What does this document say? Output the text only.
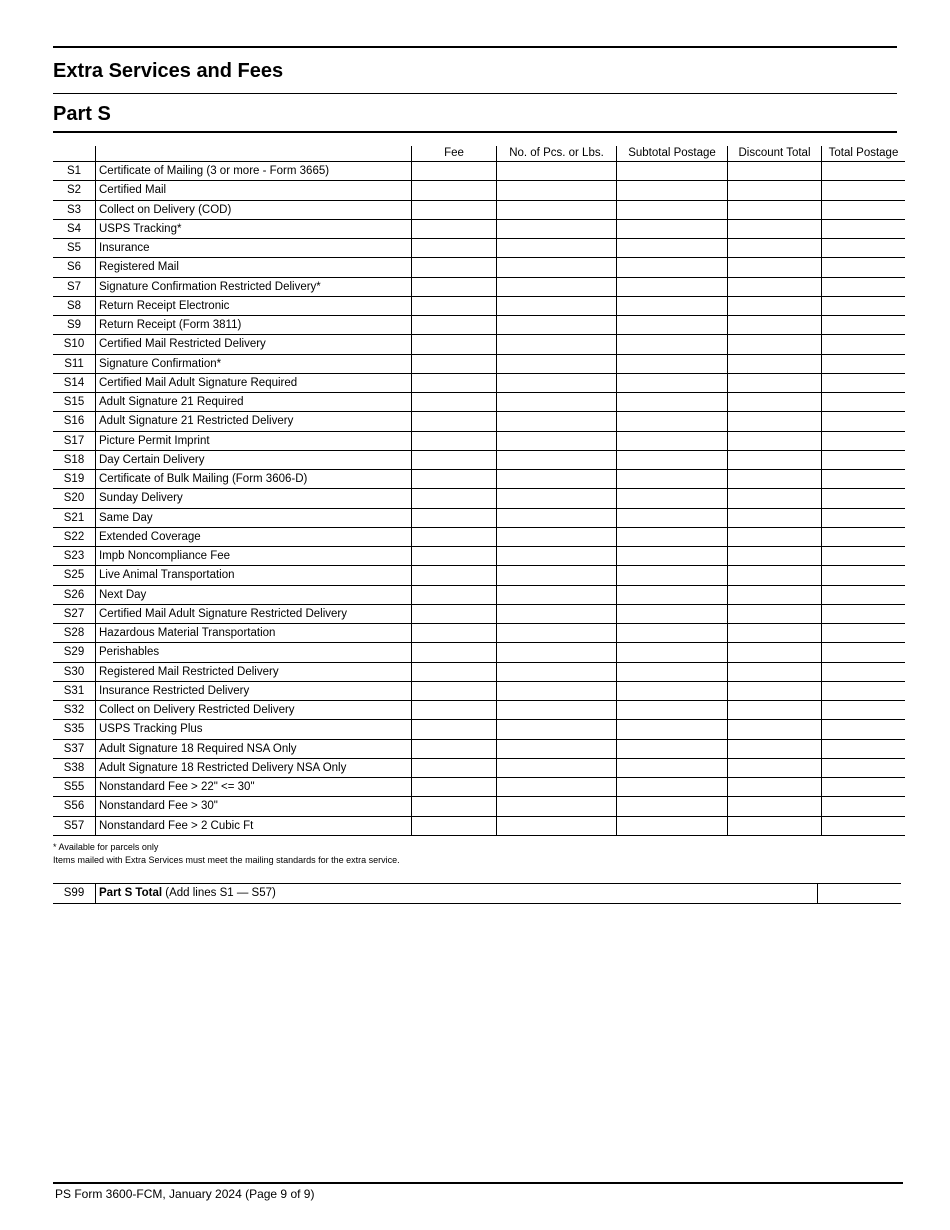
Extra Services and Fees
Part S
		Fee	No. of Pcs. or Lbs.	Subtotal Postage	Discount Total	Total Postage
S1	Certificate of Mailing (3 or more - Form 3665)					
S2	Certified Mail					
S3	Collect on Delivery (COD)					
S4	USPS Tracking*					
S5	Insurance					
S6	Registered Mail					
S7	Signature Confirmation Restricted Delivery*					
S8	Return Receipt Electronic					
S9	Return Receipt (Form 3811)					
S10	Certified Mail Restricted Delivery					
S11	Signature Confirmation*					
S14	Certified Mail Adult Signature Required					
S15	Adult Signature 21 Required					
S16	Adult Signature 21 Restricted Delivery					
S17	Picture Permit Imprint					
S18	Day Certain Delivery					
S19	Certificate of Bulk Mailing (Form 3606-D)					
S20	Sunday Delivery					
S21	Same Day					
S22	Extended Coverage					
S23	Impb Noncompliance Fee					
S25	Live Animal Transportation					
S26	Next Day					
S27	Certified Mail Adult Signature Restricted Delivery					
S28	Hazardous Material Transportation					
S29	Perishables					
S30	Registered Mail Restricted Delivery					
S31	Insurance Restricted Delivery					
S32	Collect on Delivery Restricted Delivery					
S35	USPS Tracking Plus					
S37	Adult Signature 18 Required NSA Only					
S38	Adult Signature 18 Restricted Delivery NSA Only					
S55	Nonstandard Fee > 22" <= 30"					
S56	Nonstandard Fee > 30"					
S57	Nonstandard Fee > 2 Cubic Ft					
* Available for parcels only
Items mailed with Extra Services must meet the mailing standards for the extra service.
S99	Part S Total (Add lines S1 — S57)	
PS Form 3600-FCM, January 2024 (Page 9 of 9)
